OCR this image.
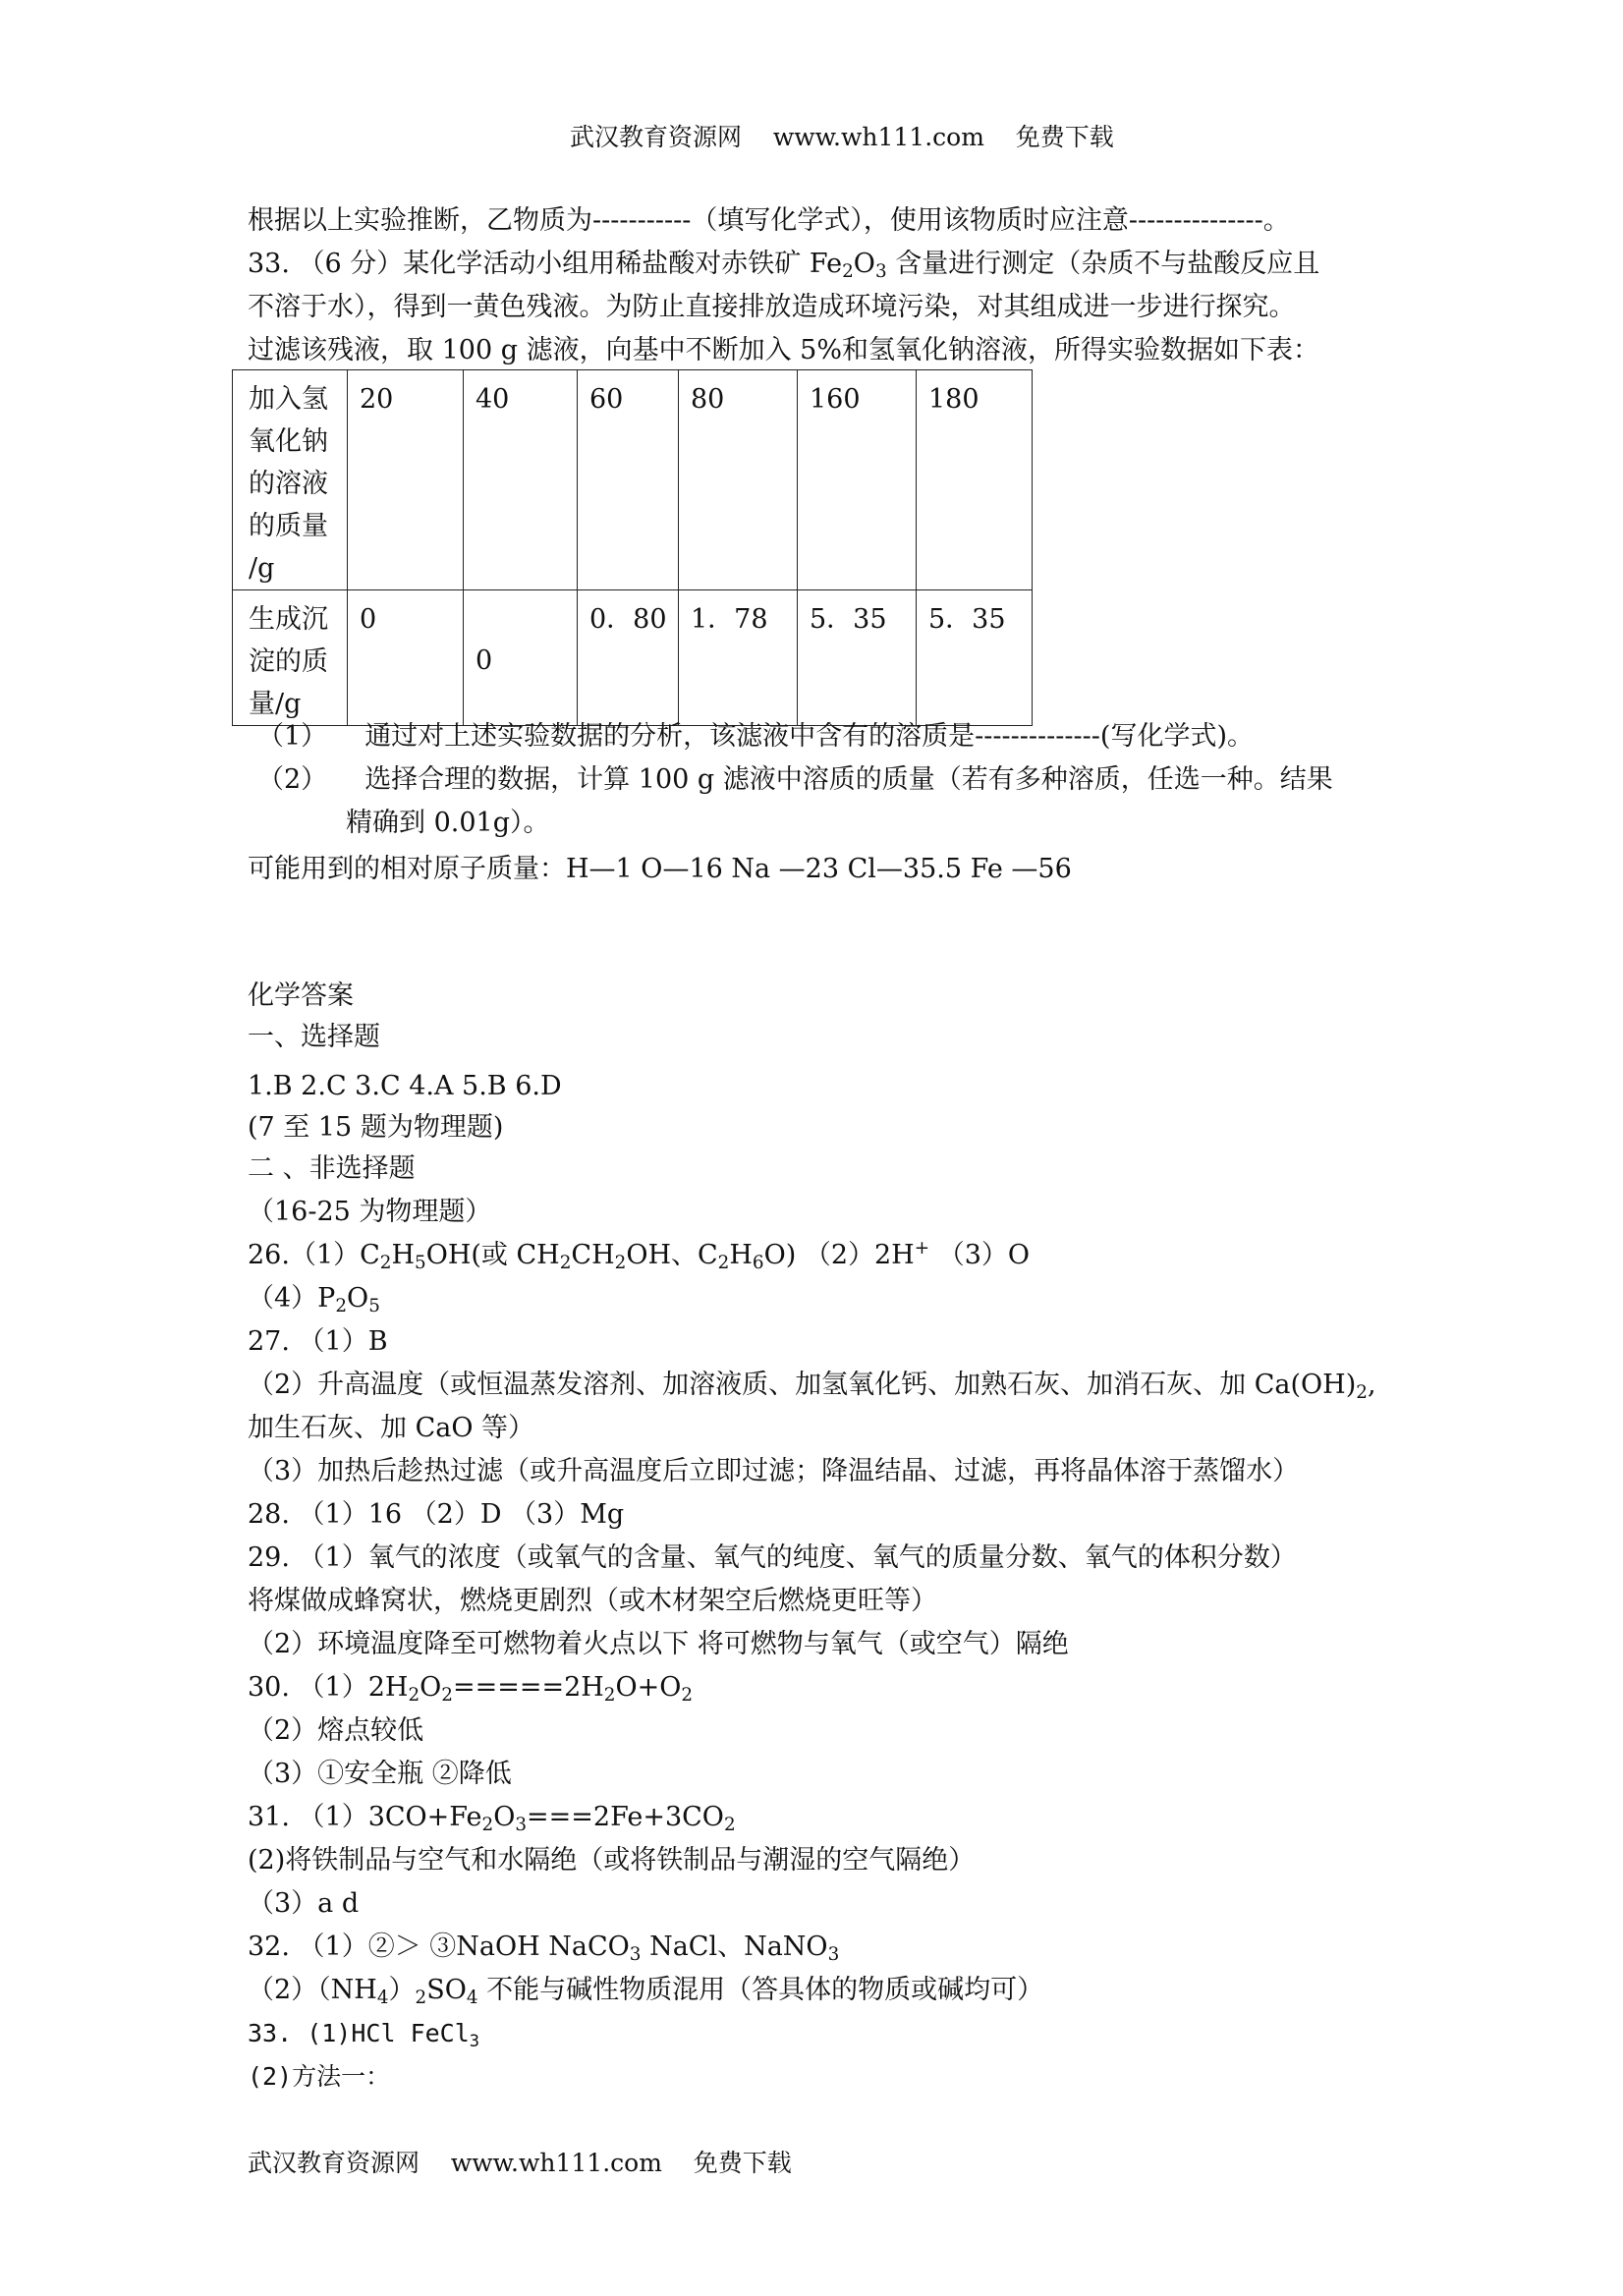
武汉教育资源网 www.wh111.com 免费下载
根据以上实验推断，乙物质为-----------（填写化学式），使用该物质时应注意---------------。
33. （6 分）某化学活动小组用稀盐酸对赤铁矿 $Fe_2O_3$ 含量进行测定（杂质不与盐酸反应且
不溶于水），得到一黄色残液。为防止直接排放造成环境污染，对其组成进一步进行探究。
过滤该残液，取 100 g 滤液，向基中不断加入 5%和氢氧化钠溶液，所得实验数据如下表：
加入氢
氧化钠
的溶液
的质量
/g	20	40	60	80	160	180

生成沉
淀的质
量/g	0	0	0．80	1．78	5．35	5．35
（1） 通过对上述实验数据的分析，该滤液中含有的溶质是--------------(写化学式)。
（2） 选择合理的数据，计算 100 g 滤液中溶质的质量（若有多种溶质，任选一种。结果
精确到 0.01g）。
可能用到的相对原子质量：H—1 O—16 Na —23 Cl—35.5 Fe —56
化学答案
一、选择题
1.B 2.C 3.C 4.A 5.B 6.D
(7 至 15 题为物理题)
二 、非选择题
（16-25 为物理题）
$26.(1)C_2H_5OH$(或 $CH_2CH_2OH$、$C_2H_6O$) （2）2H+ （3）O
$(4)P_2O_5$
27. （1）B
（2）升高温度（或恒温蒸发溶剂、加溶液质、加氢氧化钙、加熟石灰、加消石灰、加 $Ca(OH)_2$,
加生石灰、加 CaO 等）
（3）加热后趁热过滤（或升高温度后立即过滤；降温结晶、过滤，再将晶体溶于蒸馏水）
28. （1）16 （2）D （3）Mg
29. （1）氧气的浓度（或氧气的含量、氧气的纯度、氧气的质量分数、氧气的体积分数）
将煤做成蜂窝状，燃烧更剧烈（或木材架空后燃烧更旺等）
（2）环境温度降至可燃物着火点以下 将可燃物与氧气（或空气）隔绝
30. $(1)2H_2O_2=====2H_2O+O_2$
（2）熔点较低
（3）①安全瓶 ②降低
31. $(1)3CO+Fe_2O_3===2Fe+3CO_2$
(2)将铁制品与空气和水隔绝（或将铁制品与潮湿的空气隔绝）
（3）a d
32. （1）②＞ ③NaOH NaCO$_3$ NaCl、NaNO$_3$
$(2)(NH_4)_2SO_4$ 不能与碱性物质混用（答具体的物质或碱均可）
33. (1)HCl FeCl$_3$
(2)方法一：
武汉教育资源网 www.wh111.com 免费下载
